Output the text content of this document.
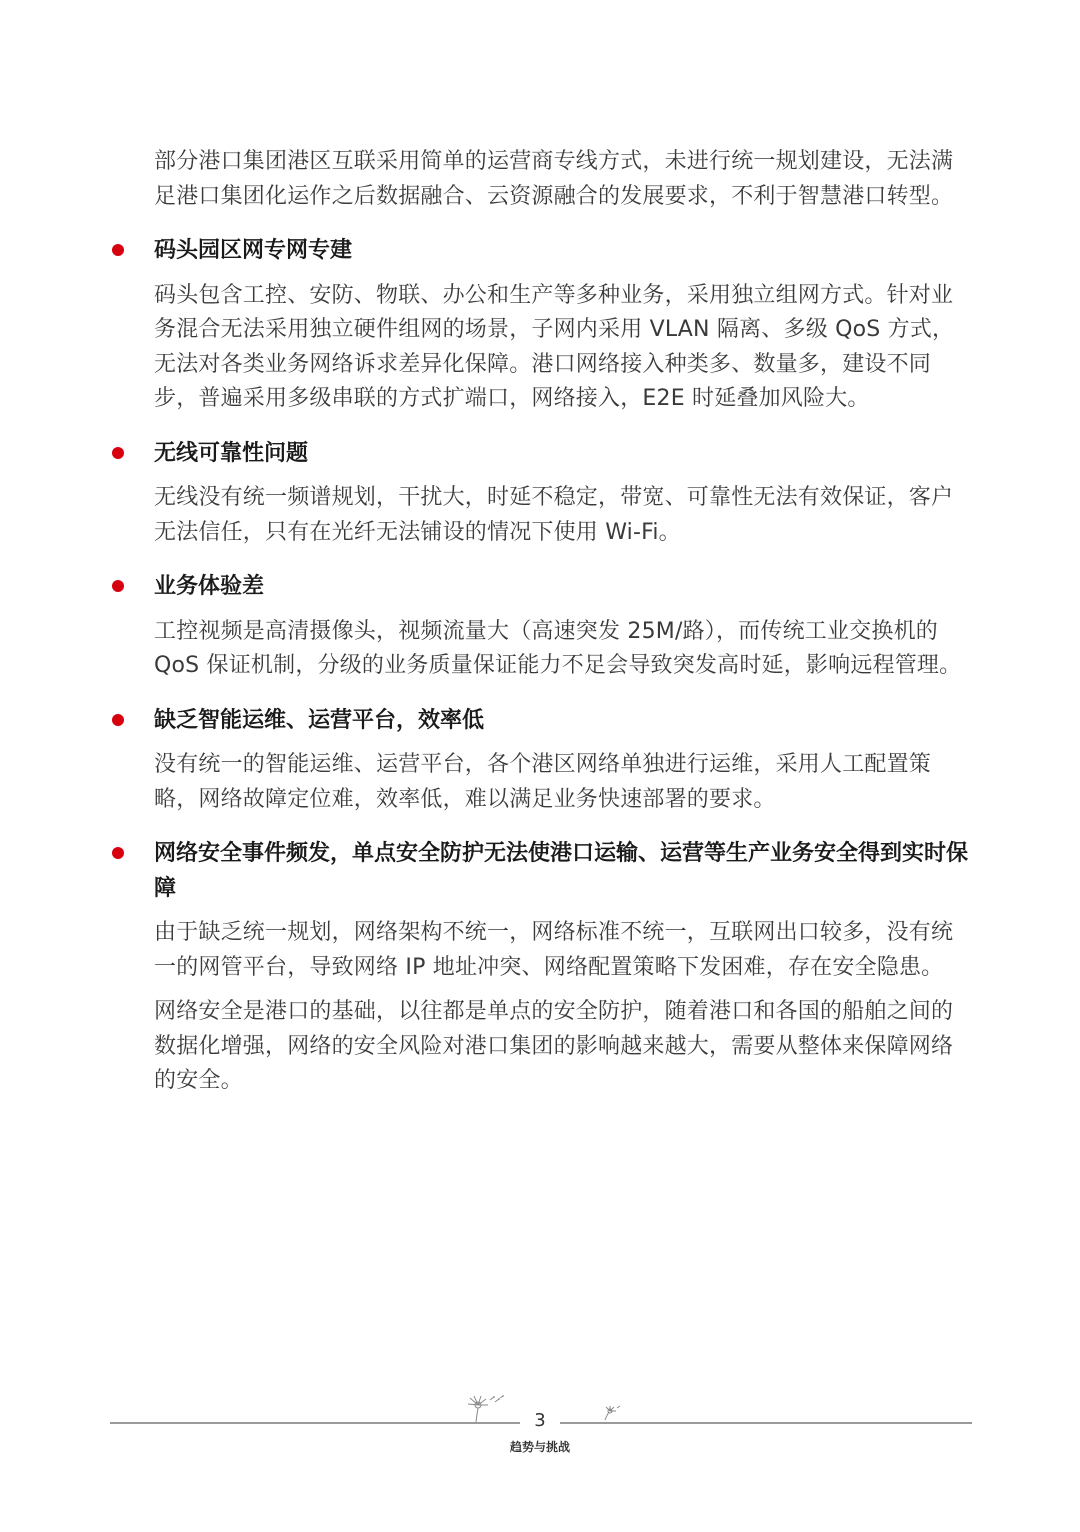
部分港口集团港区互联采用简单的运营商专线方式，未进行统一规划建设，无法满足港口集团化运作之后数据融合、云资源融合的发展要求，不利于智慧港口转型。

码头园区网专网专建

码头包含工控、安防、物联、办公和生产等多种业务，采用独立组网方式。针对业务混合无法采用独立硬件组网的场景，子网内采用 VLAN 隔离、多级 QoS 方式，无法对各类业务网络诉求差异化保障。港口网络接入种类多、数量多，建设不同步，普遍采用多级串联的方式扩端口，网络接入，E2E 时延叠加风险大。

无线可靠性问题

无线没有统一频谱规划，干扰大，时延不稳定，带宽、可靠性无法有效保证，客户无法信任，只有在光纤无法铺设的情况下使用 Wi-Fi。

业务体验差

工控视频是高清摄像头，视频流量大（高速突发 25M/路），而传统工业交换机的 QoS 保证机制，分级的业务质量保证能力不足会导致突发高时延，影响远程管理。

缺乏智能运维、运营平台，效率低

没有统一的智能运维、运营平台，各个港区网络单独进行运维，采用人工配置策略，网络故障定位难，效率低，难以满足业务快速部署的要求。

网络安全事件频发，单点安全防护无法使港口运输、运营等生产业务安全得到实时保障

由于缺乏统一规划，网络架构不统一，网络标准不统一，互联网出口较多，没有统一的网管平台，导致网络 IP 地址冲突、网络配置策略下发困难，存在安全隐患。

网络安全是港口的基础，以往都是单点的安全防护，随着港口和各国的船舶之间的数据化增强，网络的安全风险对港口集团的影响越来越大，需要从整体来保障网络的安全。

3
趋势与挑战
